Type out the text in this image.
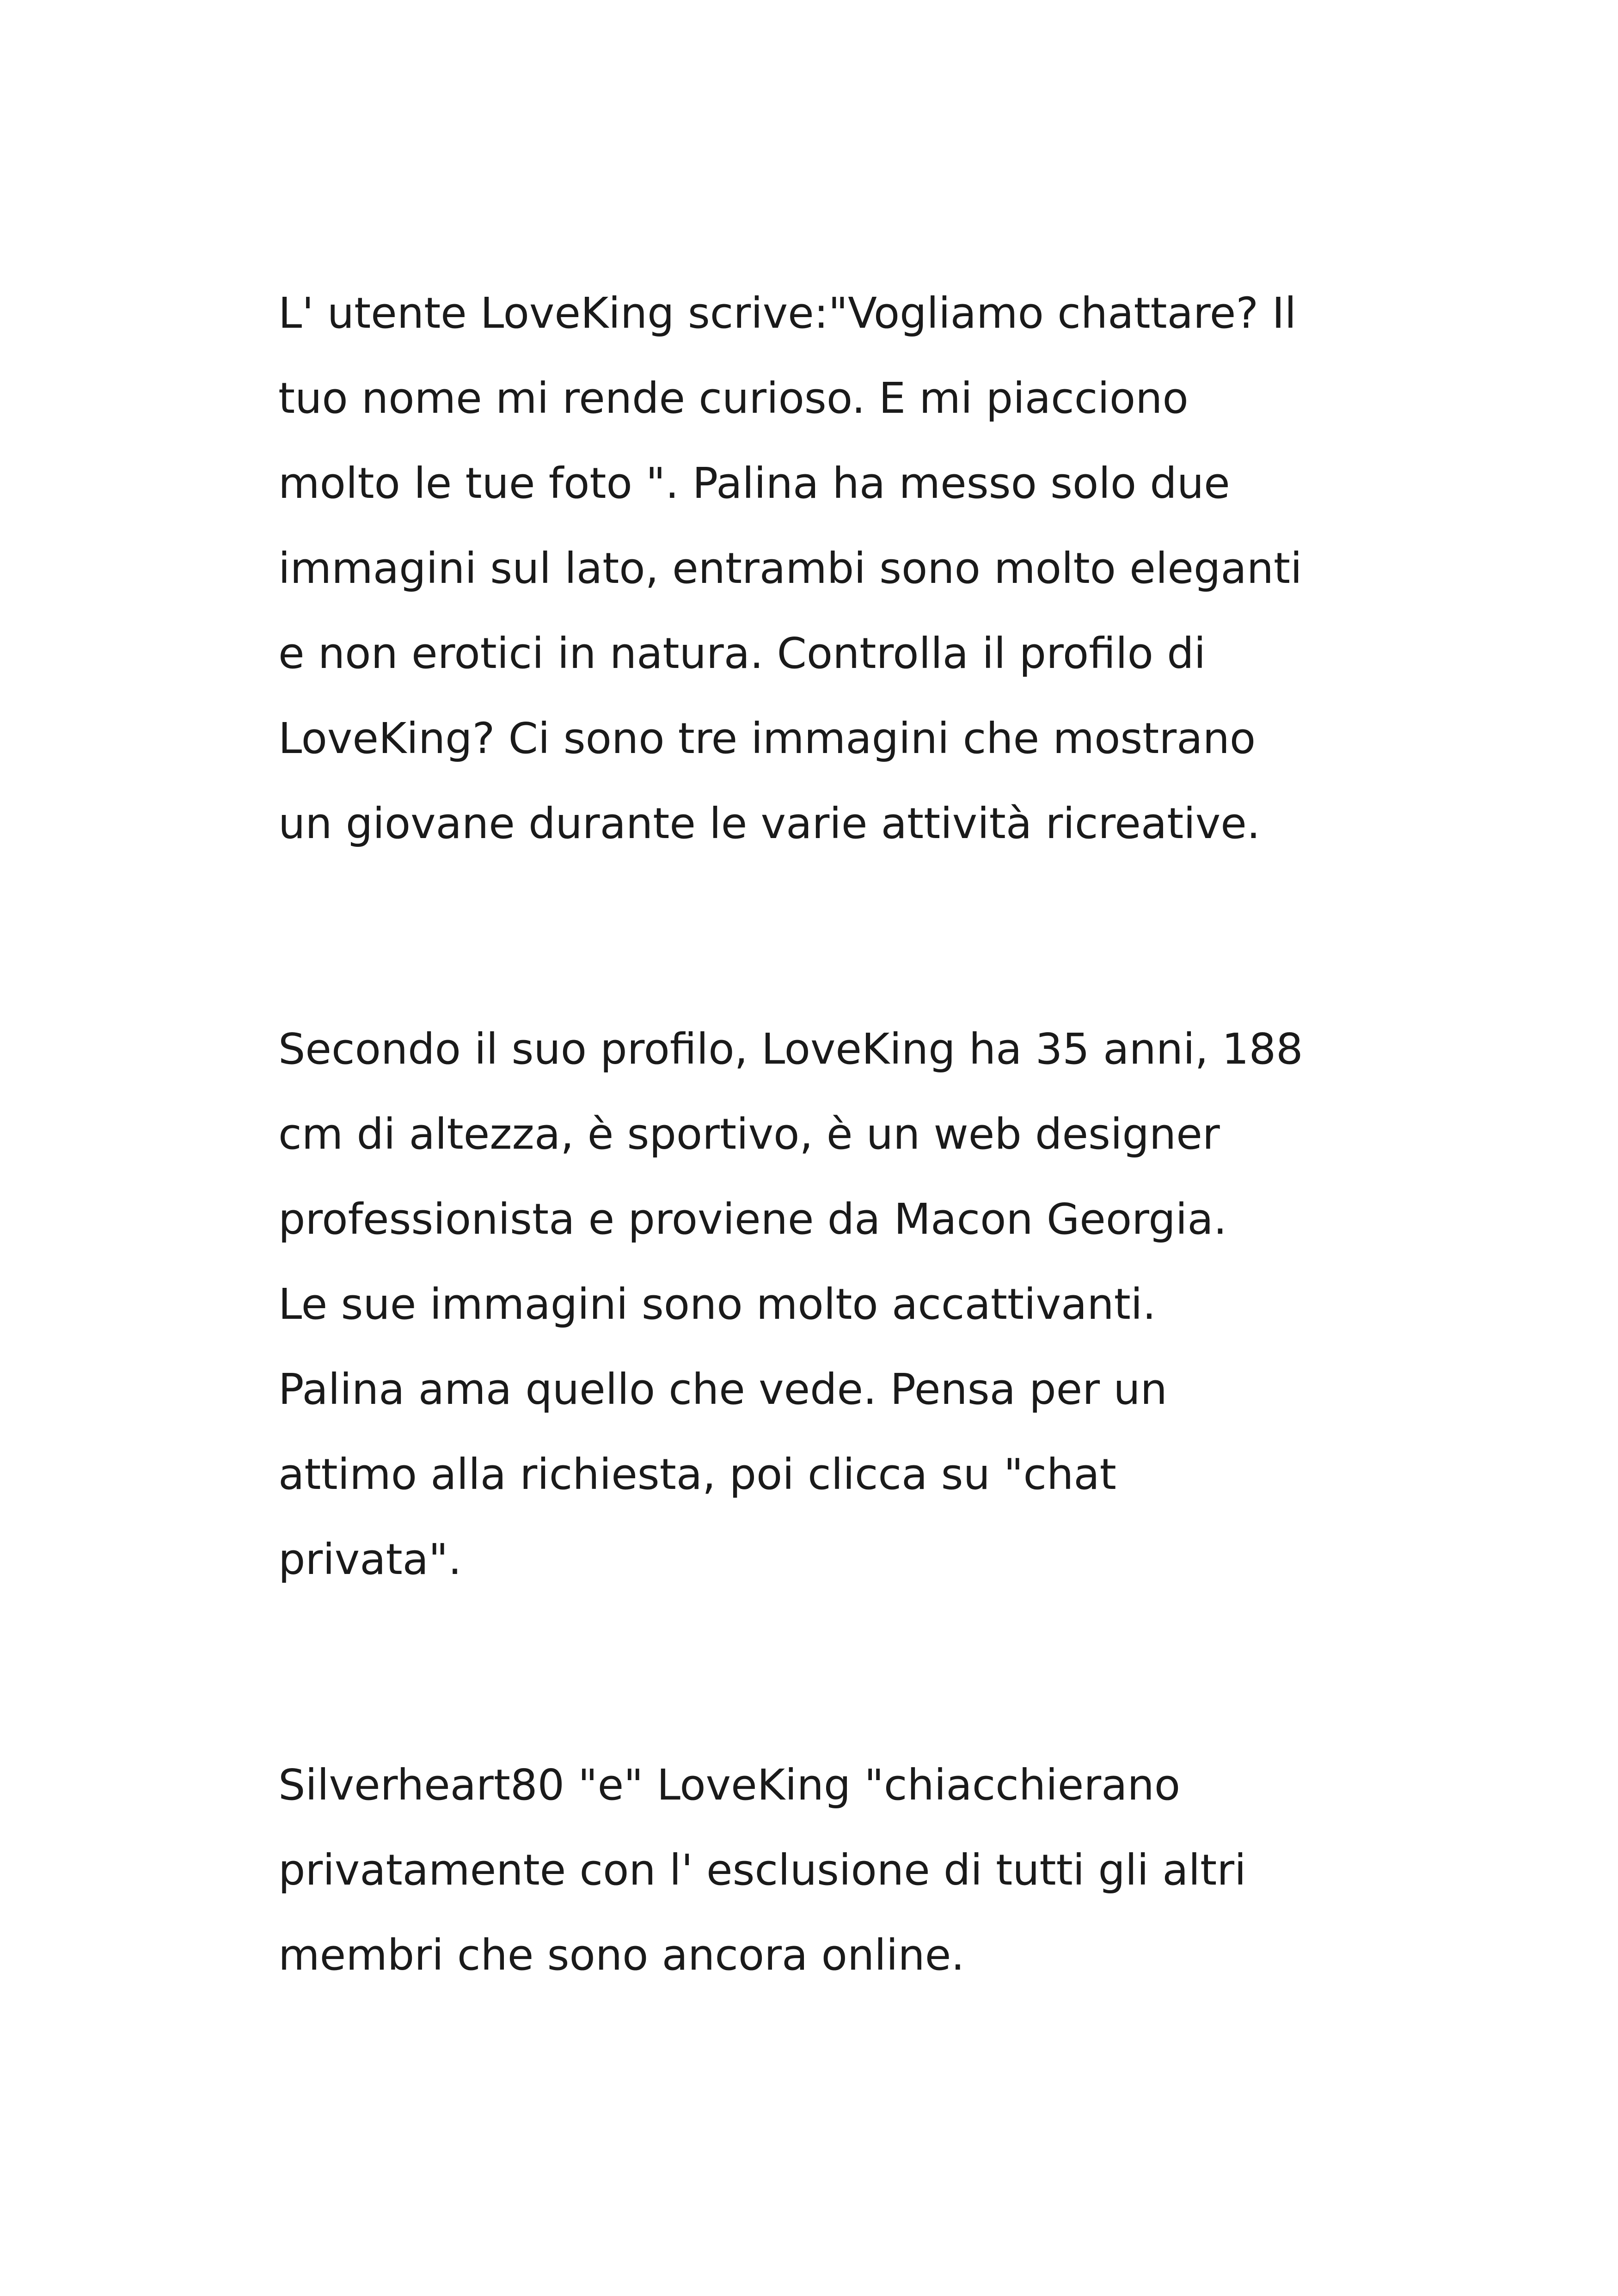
L' utente LoveKing scrive:"Vogliamo chattare? Il
tuo nome mi rende curioso. E mi piacciono
molto le tue foto ". Palina ha messo solo due
immagini sul lato, entrambi sono molto eleganti
e non erotici in natura. Controlla il profilo di
LoveKing? Ci sono tre immagini che mostrano
un giovane durante le varie attività ricreative.

Secondo il suo profilo, LoveKing ha 35 anni, 188
cm di altezza, è sportivo, è un web designer
professionista e proviene da Macon Georgia.
Le sue immagini sono molto accattivanti.
Palina ama quello che vede. Pensa per un
attimo alla richiesta, poi clicca su "chat
privata".

Silverheart80 "e" LoveKing "chiacchierano
privatamente con l' esclusione di tutti gli altri
membri che sono ancora online.
